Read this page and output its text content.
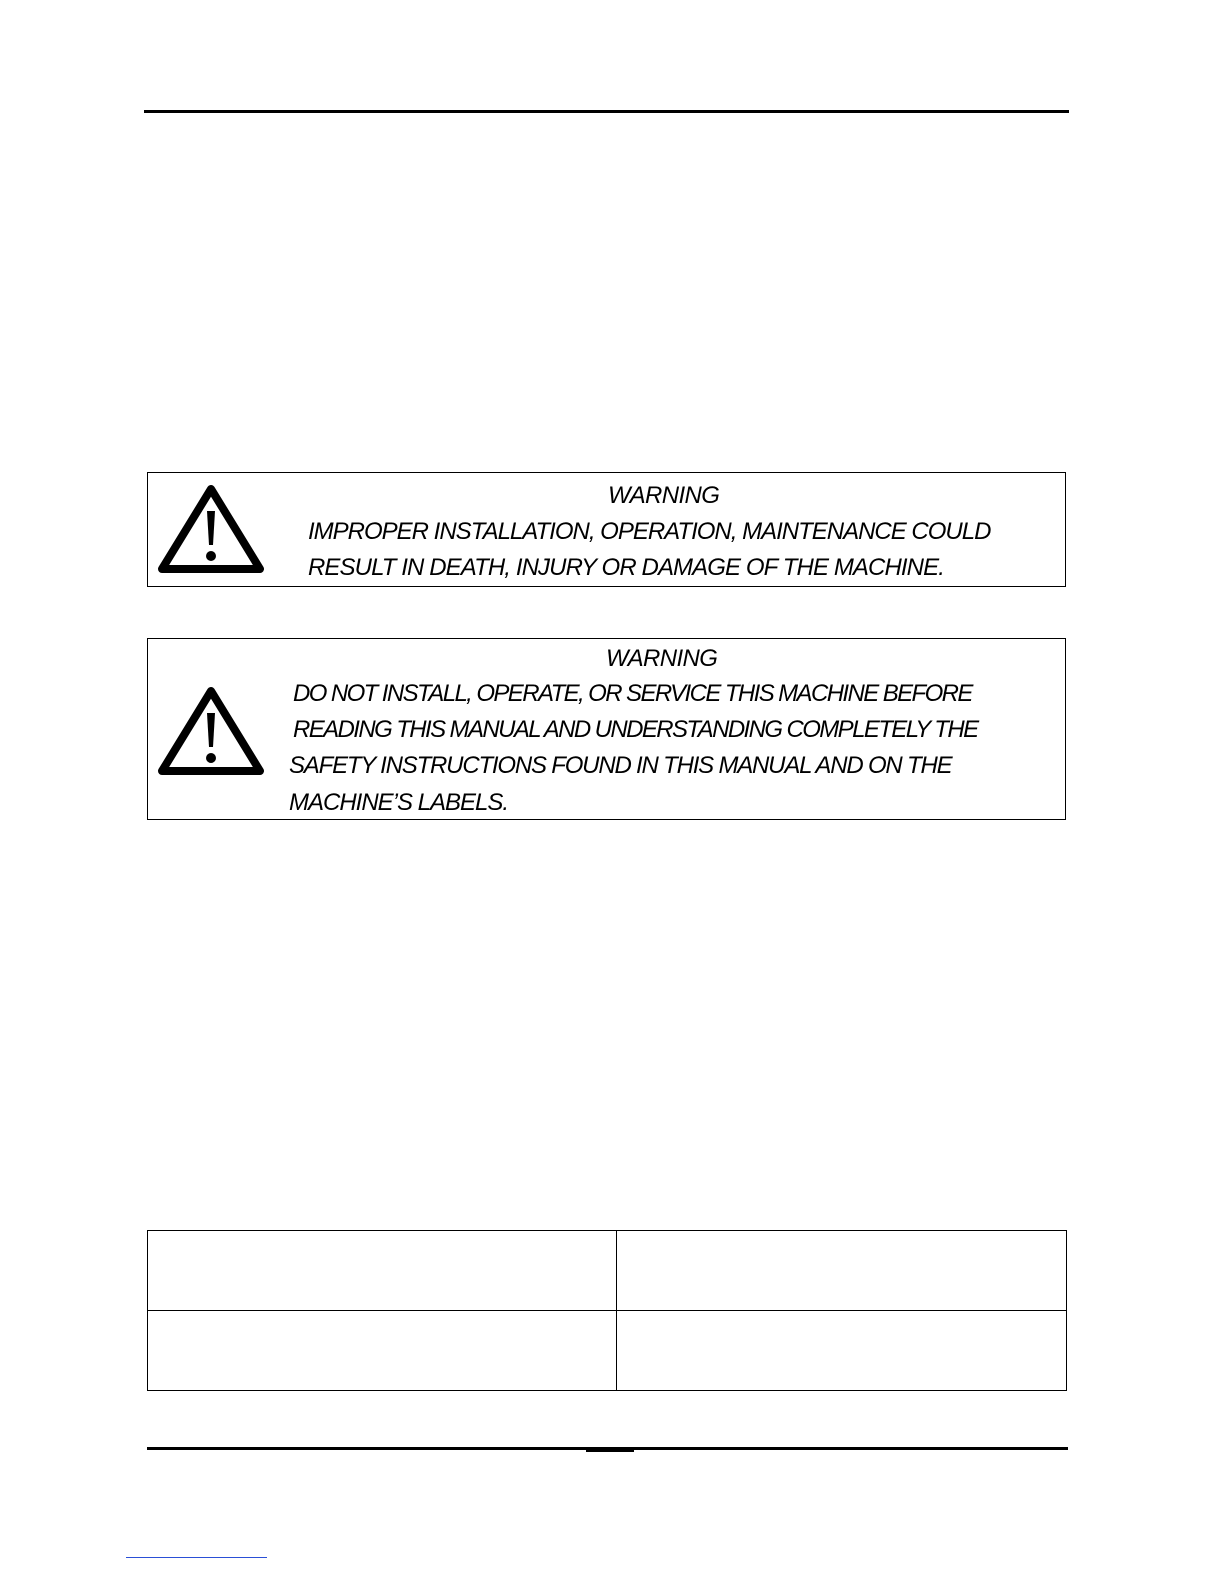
WARNING
IMPROPER INSTALLATION, OPERATION, MAINTENANCE COULD
RESULT IN DEATH, INJURY OR DAMAGE OF THE MACHINE.
WARNING
DO NOT INSTALL, OPERATE, OR SERVICE THIS MACHINE BEFORE
READING THIS MANUAL AND UNDERSTANDING COMPLETELY THE
SAFETY INSTRUCTIONS FOUND IN THIS MANUAL AND ON THE
MACHINE’S LABELS.
